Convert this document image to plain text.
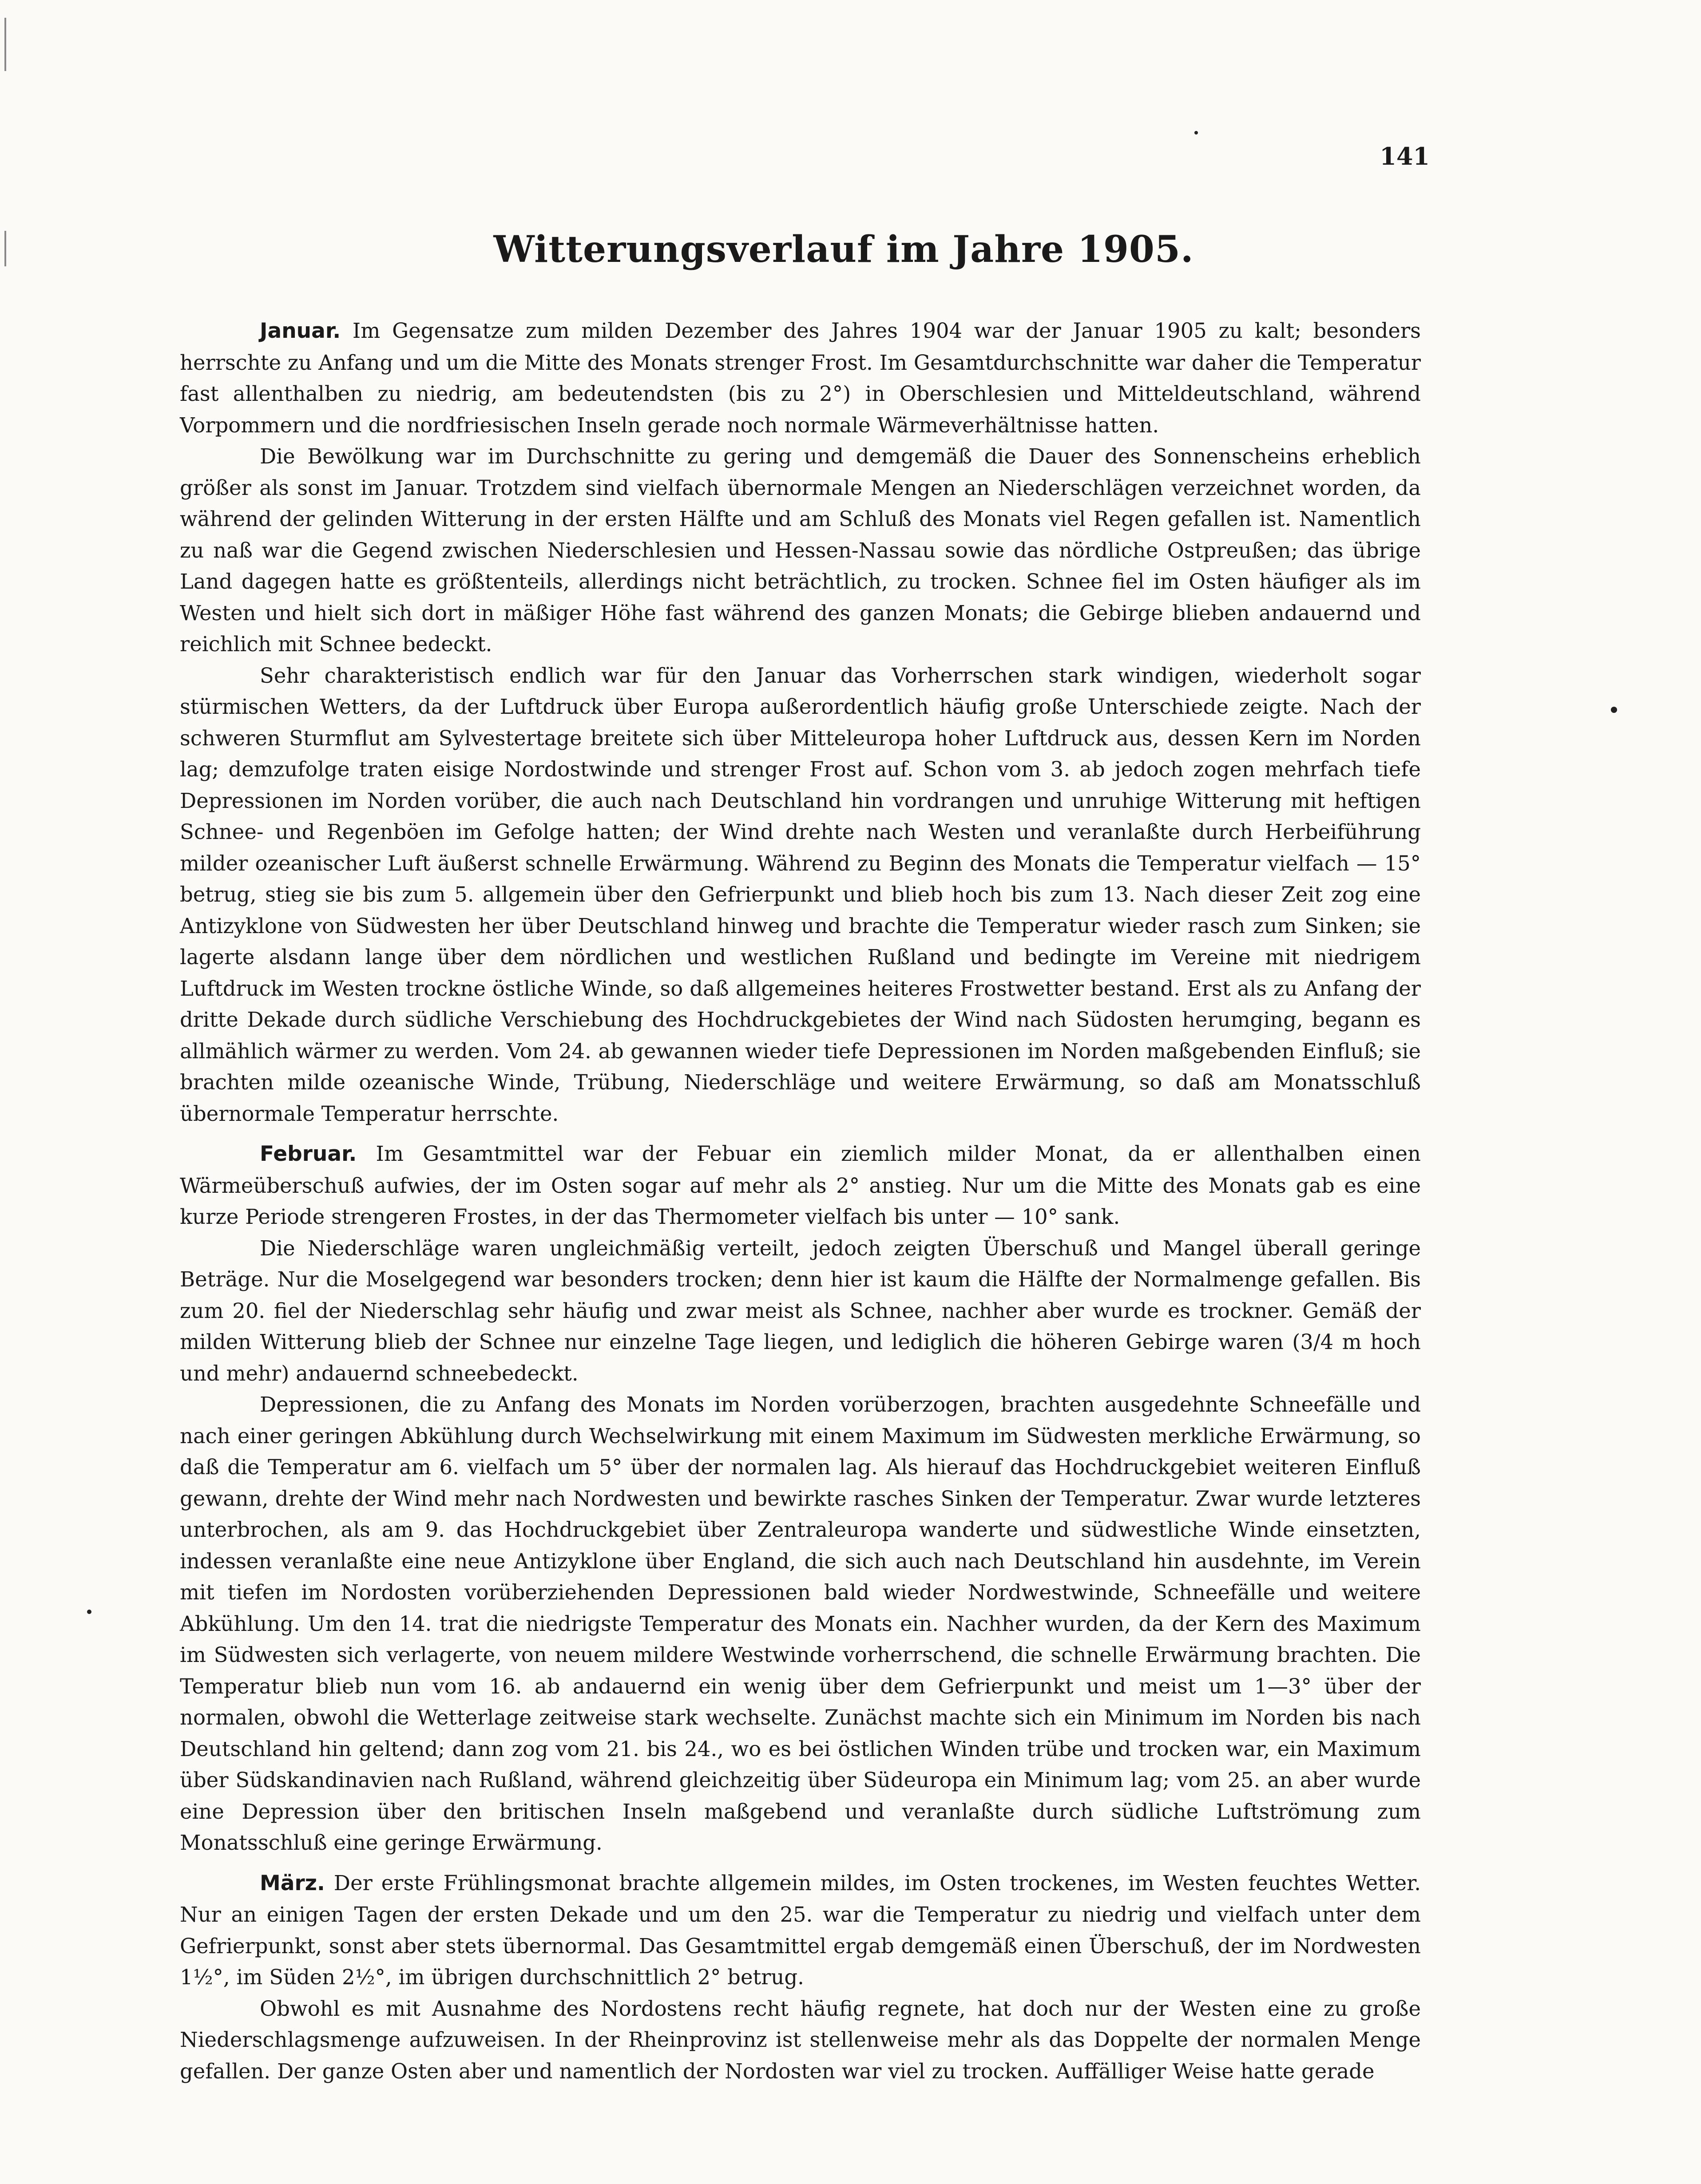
141
Witterungsverlauf im Jahre 1905.

Januar. Im Gegensatze zum milden Dezember des Jahres 1904 war der Januar 1905 zu kalt; besonders herrschte zu Anfang und um die Mitte des Monats strenger Frost. Im Gesamtdurchschnitte war daher die Temperatur fast allenthalben zu niedrig, am bedeutendsten (bis zu 2°) in Oberschlesien und Mitteldeutschland, während Vorpommern und die nordfriesischen Inseln gerade noch normale Wärmeverhältnisse hatten.

Die Bewölkung war im Durchschnitte zu gering und demgemäß die Dauer des Sonnenscheins erheblich größer als sonst im Januar. Trotzdem sind vielfach übernormale Mengen an Niederschlägen verzeichnet worden, da während der gelinden Witterung in der ersten Hälfte und am Schluß des Monats viel Regen gefallen ist. Namentlich zu naß war die Gegend zwischen Niederschlesien und Hessen-Nassau sowie das nördliche Ostpreußen; das übrige Land dagegen hatte es größtenteils, allerdings nicht beträchtlich, zu trocken. Schnee fiel im Osten häufiger als im Westen und hielt sich dort in mäßiger Höhe fast während des ganzen Monats; die Gebirge blieben andauernd und reichlich mit Schnee bedeckt.

Sehr charakteristisch endlich war für den Januar das Vorherrschen stark windigen, wiederholt sogar stürmischen Wetters, da der Luftdruck über Europa außerordentlich häufig große Unterschiede zeigte. Nach der schweren Sturmflut am Sylvestertage breitete sich über Mitteleuropa hoher Luftdruck aus, dessen Kern im Norden lag; demzufolge traten eisige Nordostwinde und strenger Frost auf. Schon vom 3. ab jedoch zogen mehrfach tiefe Depressionen im Norden vorüber, die auch nach Deutschland hin vordrangen und unruhige Witterung mit heftigen Schnee- und Regenböen im Gefolge hatten; der Wind drehte nach Westen und veranlaßte durch Herbeiführung milder ozeanischer Luft äußerst schnelle Erwärmung. Während zu Beginn des Monats die Temperatur vielfach — 15° betrug, stieg sie bis zum 5. allgemein über den Gefrierpunkt und blieb hoch bis zum 13. Nach dieser Zeit zog eine Antizyklone von Südwesten her über Deutschland hinweg und brachte die Temperatur wieder rasch zum Sinken; sie lagerte alsdann lange über dem nördlichen und westlichen Rußland und bedingte im Vereine mit niedrigem Luftdruck im Westen trockne östliche Winde, so daß allgemeines heiteres Frostwetter bestand. Erst als zu Anfang der dritte Dekade durch südliche Verschiebung des Hochdruckgebietes der Wind nach Südosten herumging, begann es allmählich wärmer zu werden. Vom 24. ab gewannen wieder tiefe Depressionen im Norden maßgebenden Einfluß; sie brachten milde ozeanische Winde, Trübung, Niederschläge und weitere Erwärmung, so daß am Monatsschluß übernormale Temperatur herrschte.

Februar. Im Gesamtmittel war der Febuar ein ziemlich milder Monat, da er allenthalben einen Wärmeüberschuß aufwies, der im Osten sogar auf mehr als 2° anstieg. Nur um die Mitte des Monats gab es eine kurze Periode strengeren Frostes, in der das Thermometer vielfach bis unter — 10° sank.

Die Niederschläge waren ungleichmäßig verteilt, jedoch zeigten Überschuß und Mangel überall geringe Beträge. Nur die Moselgegend war besonders trocken; denn hier ist kaum die Hälfte der Normalmenge gefallen. Bis zum 20. fiel der Niederschlag sehr häufig und zwar meist als Schnee, nachher aber wurde es trockner. Gemäß der milden Witterung blieb der Schnee nur einzelne Tage liegen, und lediglich die höheren Gebirge waren (3/4 m hoch und mehr) andauernd schneebedeckt.

Depressionen, die zu Anfang des Monats im Norden vorüberzogen, brachten ausgedehnte Schneefälle und nach einer geringen Abkühlung durch Wechselwirkung mit einem Maximum im Südwesten merkliche Erwärmung, so daß die Temperatur am 6. vielfach um 5° über der normalen lag. Als hierauf das Hochdruckgebiet weiteren Einfluß gewann, drehte der Wind mehr nach Nordwesten und bewirkte rasches Sinken der Temperatur. Zwar wurde letzteres unterbrochen, als am 9. das Hochdruckgebiet über Zentraleuropa wanderte und südwestliche Winde einsetzten, indessen veranlaßte eine neue Antizyklone über England, die sich auch nach Deutschland hin ausdehnte, im Verein mit tiefen im Nordosten vorüberziehenden Depressionen bald wieder Nordwestwinde, Schneefälle und weitere Abkühlung. Um den 14. trat die niedrigste Temperatur des Monats ein. Nachher wurden, da der Kern des Maximum im Südwesten sich verlagerte, von neuem mildere Westwinde vorherrschend, die schnelle Erwärmung brachten. Die Temperatur blieb nun vom 16. ab andauernd ein wenig über dem Gefrierpunkt und meist um 1—3° über der normalen, obwohl die Wetterlage zeitweise stark wechselte. Zunächst machte sich ein Minimum im Norden bis nach Deutschland hin geltend; dann zog vom 21. bis 24., wo es bei östlichen Winden trübe und trocken war, ein Maximum über Südskandinavien nach Rußland, während gleichzeitig über Südeuropa ein Minimum lag; vom 25. an aber wurde eine Depression über den britischen Inseln maßgebend und veranlaßte durch südliche Luftströmung zum Monatsschluß eine geringe Erwärmung.

März. Der erste Frühlingsmonat brachte allgemein mildes, im Osten trockenes, im Westen feuchtes Wetter. Nur an einigen Tagen der ersten Dekade und um den 25. war die Temperatur zu niedrig und vielfach unter dem Gefrierpunkt, sonst aber stets übernormal. Das Gesamtmittel ergab demgemäß einen Überschuß, der im Nordwesten 1½°, im Süden 2½°, im übrigen durchschnittlich 2° betrug.

Obwohl es mit Ausnahme des Nordostens recht häufig regnete, hat doch nur der Westen eine zu große Niederschlagsmenge aufzuweisen. In der Rheinprovinz ist stellenweise mehr als das Doppelte der normalen Menge gefallen. Der ganze Osten aber und namentlich der Nordosten war viel zu trocken. Auffälliger Weise hatte gerade
